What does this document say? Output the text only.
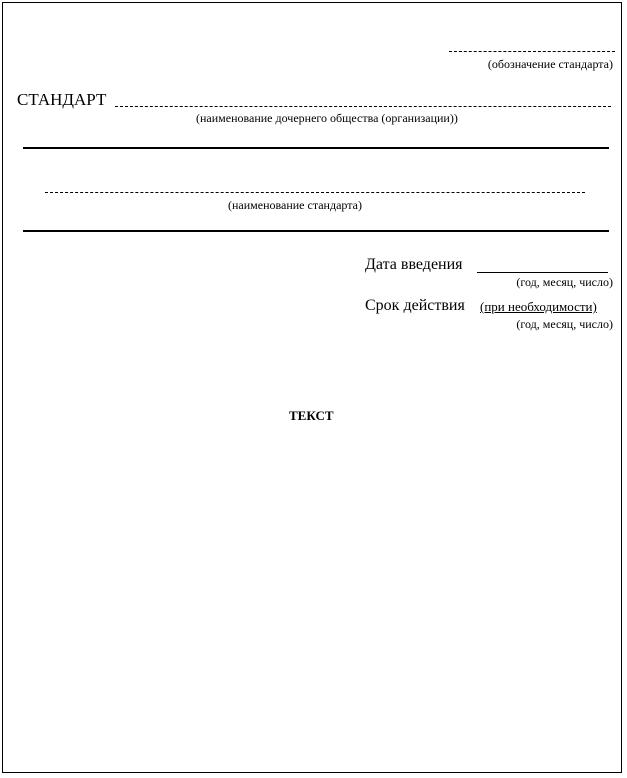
(обозначение стандарта)
СТАНДАРТ
(наименование дочернего общества (организации))
(наименование стандарта)
Дата введения
(год, месяц, число)
Срок действия (при необходимости)
(год, месяц, число)
ТЕКСТ
